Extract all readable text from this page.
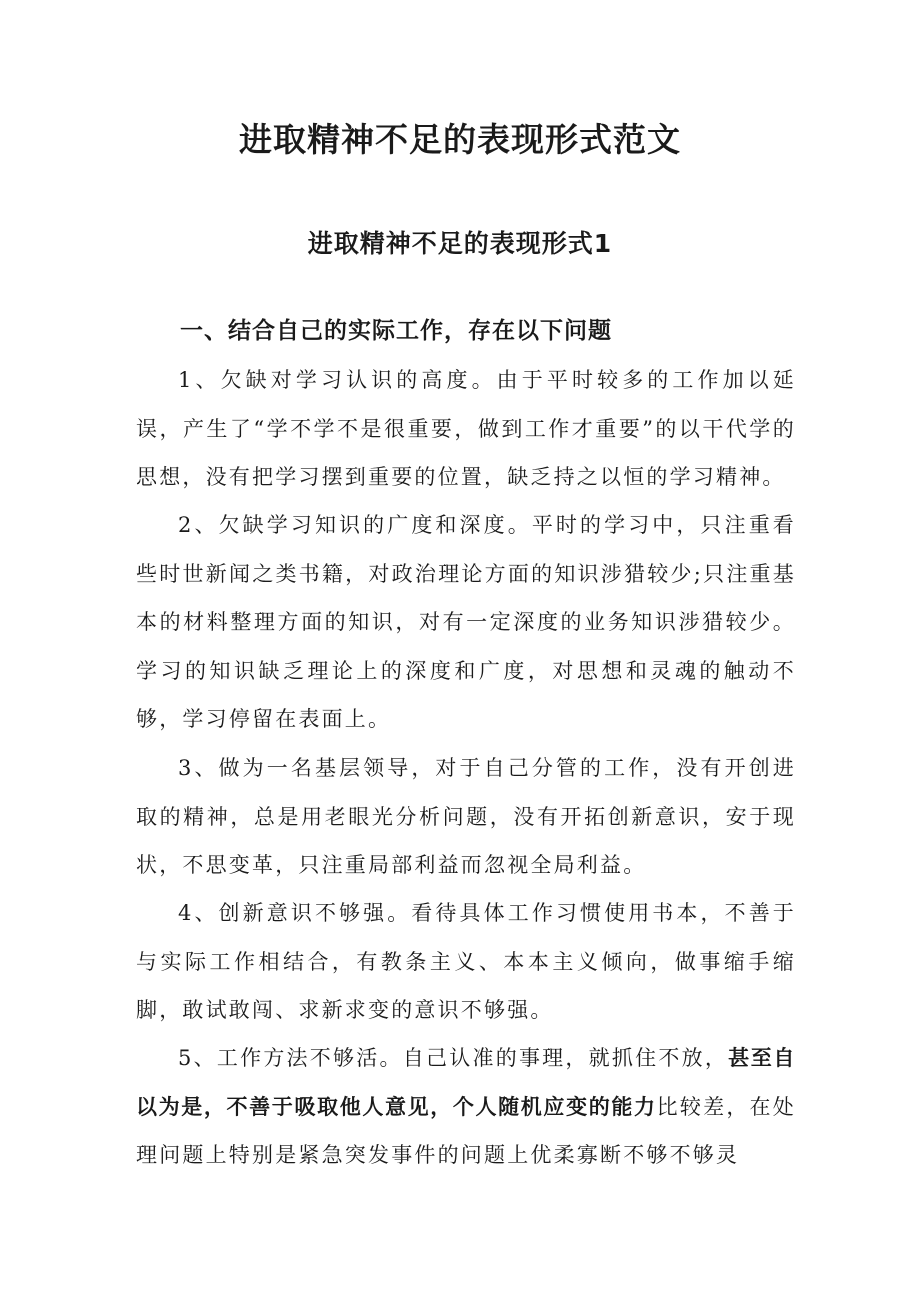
进取精神不足的表现形式范文
进取精神不足的表现形式1
一、结合自己的实际工作，存在以下问题

1、欠缺对学习认识的高度。由于平时较多的工作加以延误，产生了“学不学不是很重要，做到工作才重要”的以干代学的思想，没有把学习摆到重要的位置，缺乏持之以恒的学习精神。

2、欠缺学习知识的广度和深度。平时的学习中，只注重看些时世新闻之类书籍，对政治理论方面的知识涉猎较少;只注重基本的材料整理方面的知识，对有一定深度的业务知识涉猎较少。学习的知识缺乏理论上的深度和广度，对思想和灵魂的触动不够，学习停留在表面上。

3、做为一名基层领导，对于自己分管的工作，没有开创进取的精神，总是用老眼光分析问题，没有开拓创新意识，安于现状，不思变革，只注重局部利益而忽视全局利益。

4、创新意识不够强。看待具体工作习惯使用书本，不善于与实际工作相结合，有教条主义、本本主义倾向，做事缩手缩脚，敢试敢闯、求新求变的意识不够强。

5、工作方法不够活。自己认准的事理，就抓住不放，甚至自以为是，不善于吸取他人意见，个人随机应变的能力比较差，在处理问题上特别是紧急突发事件的问题上优柔寡断不够不够灵
